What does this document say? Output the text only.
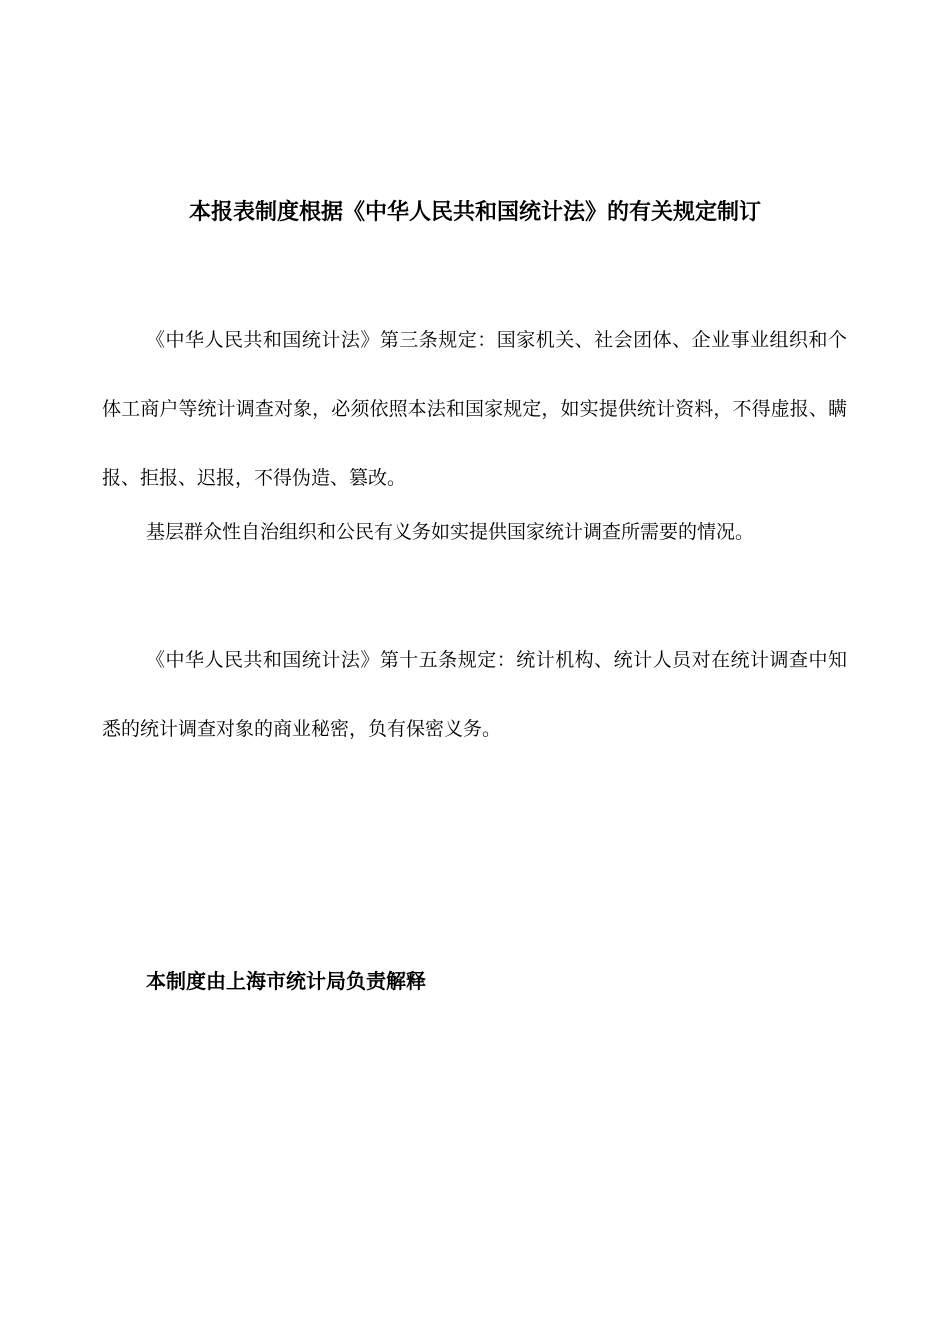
本报表制度根据《中华人民共和国统计法》的有关规定制订

《中华人民共和国统计法》第三条规定：国家机关、社会团体、企业事业组织和个体工商户等统计调查对象，必须依照本法和国家规定，如实提供统计资料，不得虚报、瞒报、拒报、迟报，不得伪造、篡改。

基层群众性自治组织和公民有义务如实提供国家统计调查所需要的情况。

《中华人民共和国统计法》第十五条规定：统计机构、统计人员对在统计调查中知悉的统计调查对象的商业秘密，负有保密义务。

本制度由上海市统计局负责解释
